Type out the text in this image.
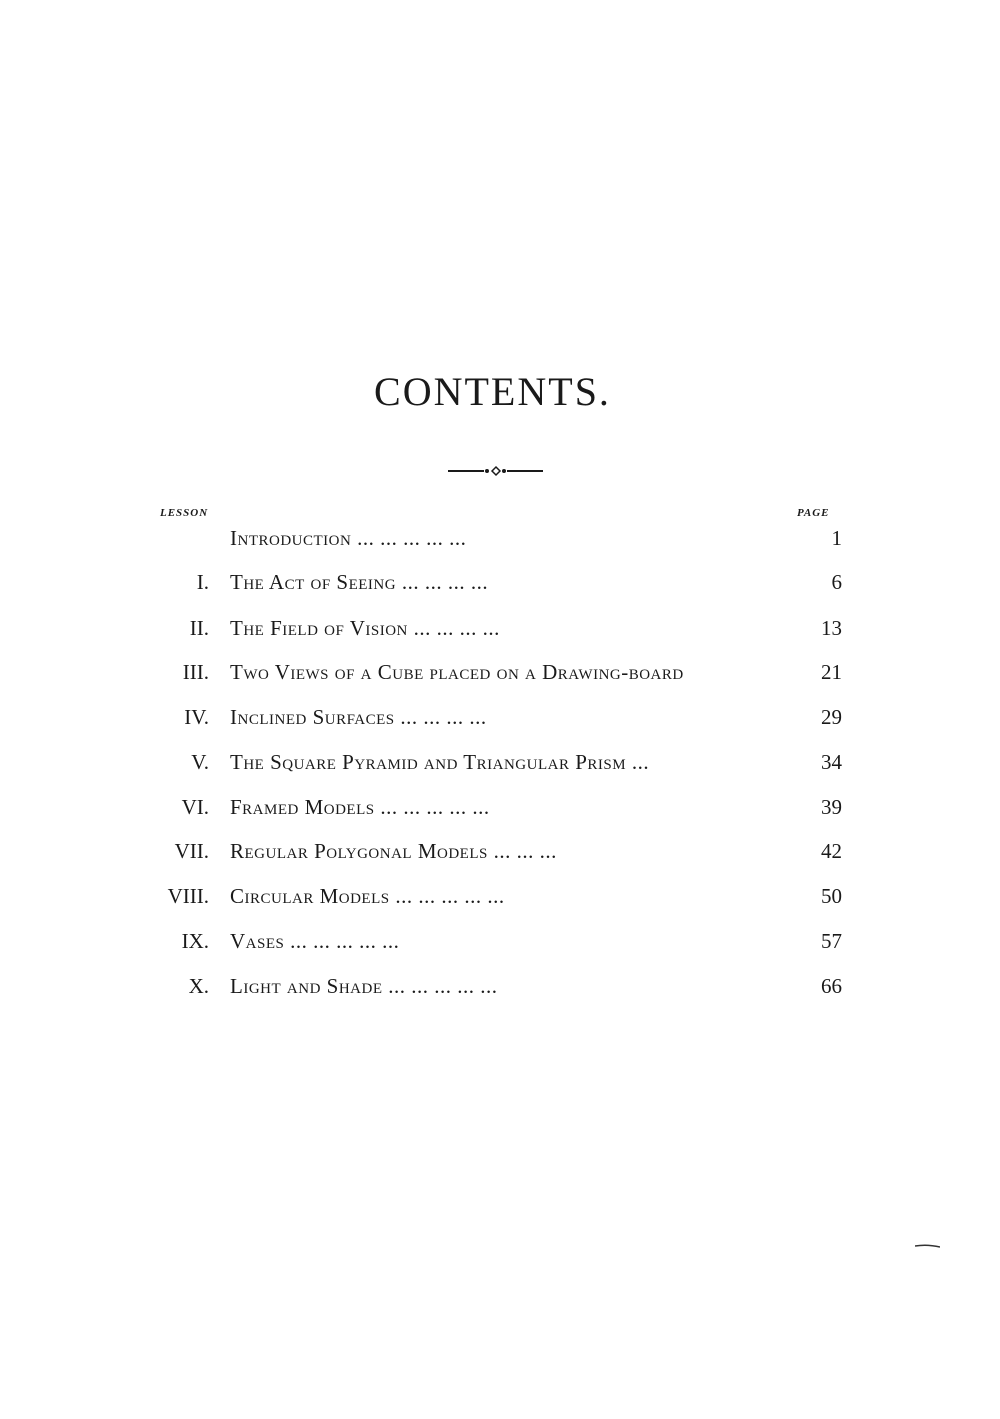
CONTENTS.
LESSON	PAGE
Introduction ... ... ... ... ...	1
I. The Act of Seeing ... ... ... ...	6
II. The Field of Vision ... ... ... ...	13
III. Two Views of a Cube placed on a Drawing-board	21
IV. Inclined Surfaces ... ... ... ...	29
V. The Square Pyramid and Triangular Prism ...	34
VI. Framed Models ... ... ... ... ...	39
VII. Regular Polygonal Models ... ... ...	42
VIII. Circular Models ... ... ... ... ...	50
IX. Vases ... ... ... ... ...	57
X. Light and Shade ... ... ... ... ...	66
